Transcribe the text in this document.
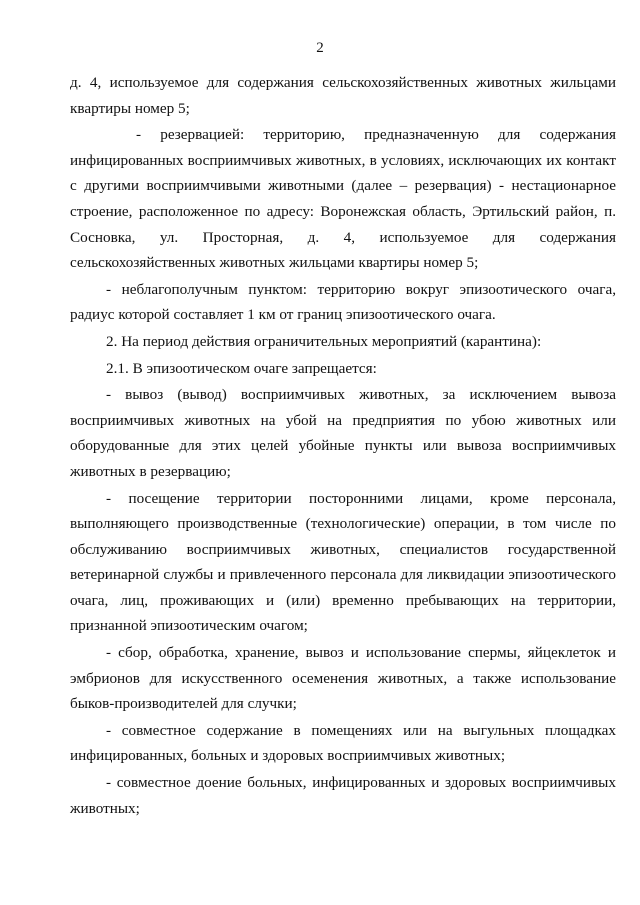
2

д. 4, используемое для содержания сельскохозяйственных животных жильцами квартиры номер 5;

- резервацией: территорию, предназначенную для содержания инфицированных восприимчивых животных, в условиях, исключающих их контакт с другими восприимчивыми животными (далее – резервация) - нестационарное строение, расположенное по адресу: Воронежская область, Эртильский район, п. Сосновка, ул. Просторная, д. 4, используемое для содержания сельскохозяйственных животных жильцами квартиры номер 5;

- неблагополучным пунктом: территорию вокруг эпизоотического очага, радиус которой составляет 1 км от границ эпизоотического очага.

2. На период действия ограничительных мероприятий (карантина):

2.1. В эпизоотическом очаге запрещается:

- вывоз (вывод) восприимчивых животных, за исключением вывоза восприимчивых животных на убой на предприятия по убою животных или оборудованные для этих целей убойные пункты или вывоза восприимчивых животных в резервацию;

- посещение территории посторонними лицами, кроме персонала, выполняющего производственные (технологические) операции, в том числе по обслуживанию восприимчивых животных, специалистов государственной ветеринарной службы и привлеченного персонала для ликвидации эпизоотического очага, лиц, проживающих и (или) временно пребывающих на территории, признанной эпизоотическим очагом;

- сбор, обработка, хранение, вывоз и использование спермы, яйцеклеток и эмбрионов для искусственного осеменения животных, а также использование быков-производителей для случки;

- совместное содержание в помещениях или на выгульных площадках инфицированных, больных и здоровых восприимчивых животных;

- совместное доение больных, инфицированных и здоровых восприимчивых животных;
